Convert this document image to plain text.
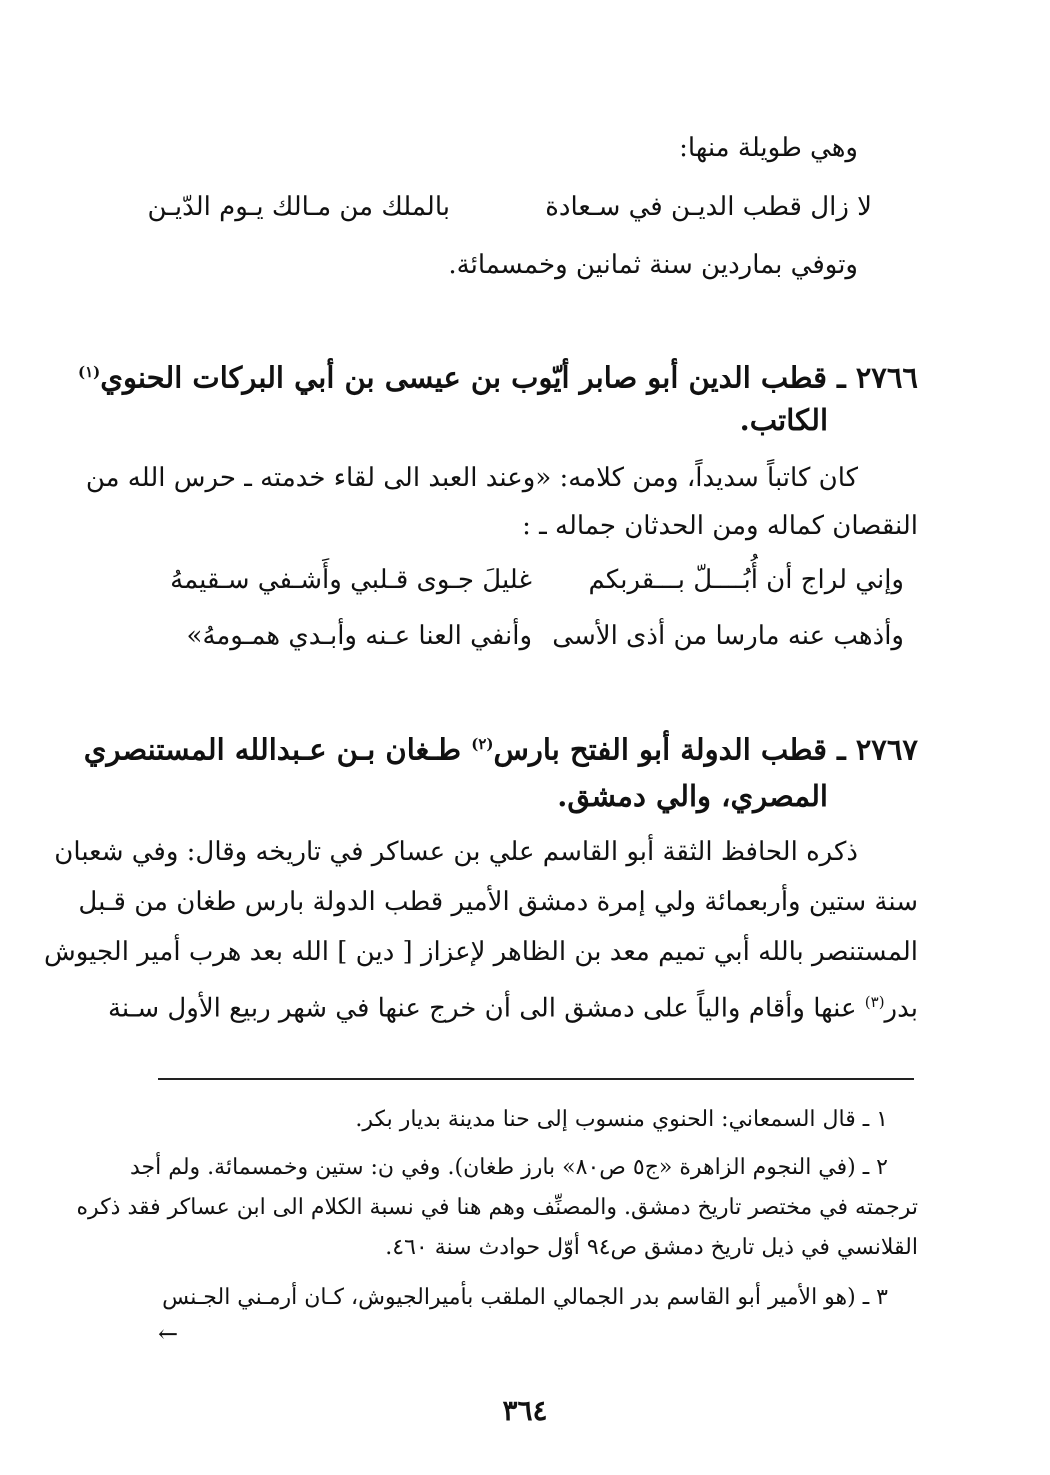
وهي طويلة منها:
لا زال قطب الديـن في سـعادة
بالملك من مـالك يـوم الدّيـن
وتوفي بماردين سنة ثمانين وخمسمائة.
٢٧٦٦ ـ قطب الدين أبو صابر أيّوب بن عيسى بن أبي البركات الحنوي$^{(١)}$
الكاتب.
كان كاتباً سديداً، ومن كلامه: «وعند العبد الى لقاء خدمته ـ حرس الله من
النقصان كماله ومن الحدثان جماله ـ :
وإني لراج أن أُبُــــلّ بـــقربكم
غليلَ جـوى قـلبي وأَشـفي سـقيمهُ
وأذهب عنه مارسا من أذى الأسى
وأنفي العنا عـنه وأبـدي همـومهُ»
٢٧٦٧ ـ قطب الدولة أبو الفتح بارس$^{(٢)}$ طـغان بـن عـبدالله المستنصري
المصري، والي دمشق.
ذكره الحافظ الثقة أبو القاسم علي بن عساكر في تاريخه وقال: وفي شعبان
سنة ستين وأربعمائة ولي إمرة دمشق الأمير قطب الدولة بارس طغان من قـبل
المستنصر بالله أبي تميم معد بن الظاهر لإعزاز [ دين ] الله بعد هرب أمير الجيوش
بدر$^{(٣)}$ عنها وأقام والياً على دمشق الى أن خرج عنها في شهر ربيع الأول سـنة
١ ـ قال السمعاني: الحنوي منسوب إلى حنا مدينة بديار بكر.
٢ ـ (في النجوم الزاهرة «ج٥ ص٨٠» بارز طغان). وفي ن: ستين وخمسمائة. ولم أجد
ترجمته في مختصر تاريخ دمشق. والمصنِّف وهم هنا في نسبة الكلام الى ابن عساكر فقد ذكره
القلانسي في ذيل تاريخ دمشق ص٩٤ أوّل حوادث سنة ٤٦٠.
٣ ـ (هو الأمير أبو القاسم بدر الجمالي الملقب بأميرالجيوش، كـان أرمـني الجـنس
←
٣٦٤
